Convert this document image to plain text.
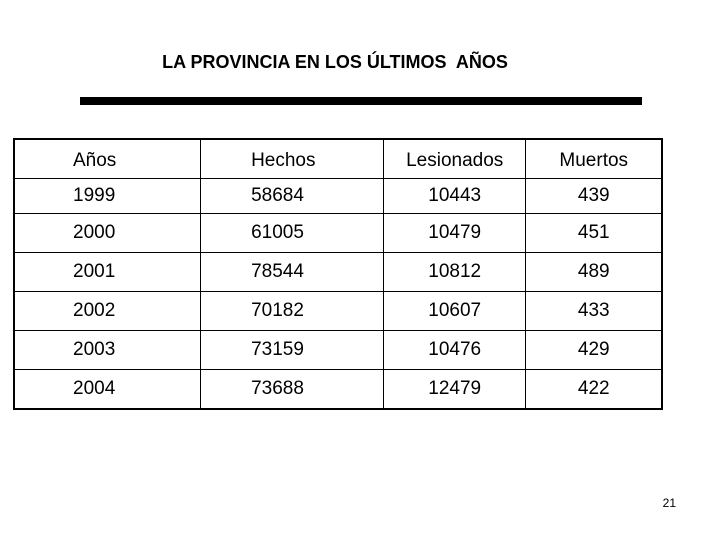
LA PROVINCIA EN LOS ÚLTIMOS  AÑOS
Años	Hechos	Lesionados	Muertos
1999	58684	10443	439
2000	61005	10479	451
2001	78544	10812	489
2002	70182	10607	433
2003	73159	10476	429
2004	73688	12479	422
21
